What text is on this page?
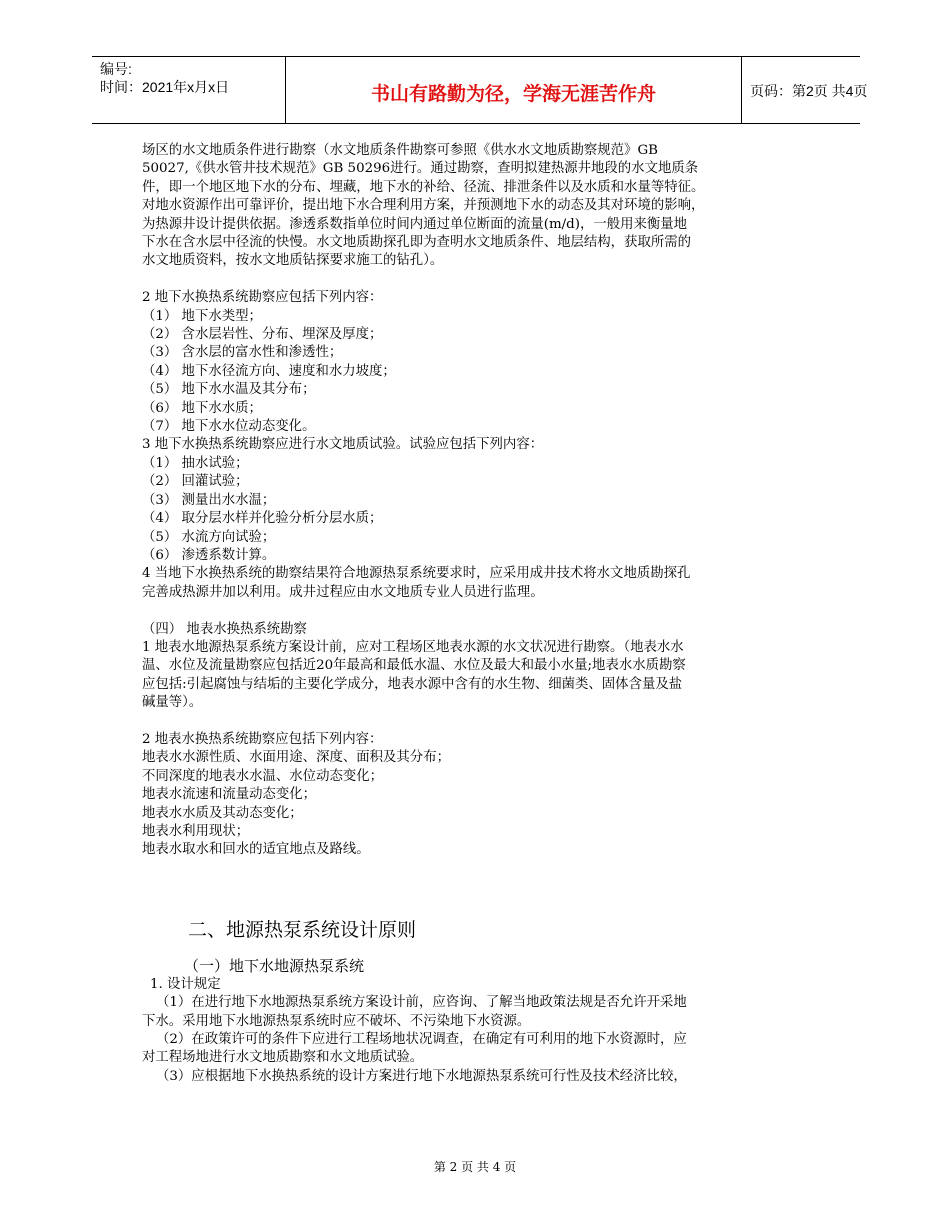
编号:
时间：2021年x月x日	书山有路勤为径，学海无涯苦作舟	页码：第2页 共4页
场区的水文地质条件进行勘察（水文地质条件勘察可参照《供水水文地质勘察规范》GB
50027,《供水管井技术规范》GB 50296进行。通过勘察，查明拟建热源井地段的水文地质条
件，即一个地区地下水的分布、埋藏，地下水的补给、径流、排泄条件以及水质和水量等特征。
对地水资源作出可靠评价，提出地下水合理利用方案，并预测地下水的动态及其对环境的影响，
为热源井设计提供依据。渗透系数指单位时间内通过单位断面的流量(m/d)，一般用来衡量地
下水在含水层中径流的快慢。水文地质勘探孔即为查明水文地质条件、地层结构，获取所需的
水文地质资料，按水文地质钻探要求施工的钻孔）。
2 地下水换热系统勘察应包括下列内容：
（1） 地下水类型；
（2） 含水层岩性、分布、埋深及厚度；
（3） 含水层的富水性和渗透性；
（4） 地下水径流方向、速度和水力坡度；
（5） 地下水水温及其分布；
（6） 地下水水质；
（7） 地下水水位动态变化。
3 地下水换热系统勘察应进行水文地质试验。试验应包括下列内容：
（1） 抽水试验；
（2） 回灌试验；
（3） 测量出水水温；
（4） 取分层水样并化验分析分层水质；
（5） 水流方向试验；
（6） 渗透系数计算。
4 当地下水换热系统的勘察结果符合地源热泵系统要求时，应采用成井技术将水文地质勘探孔
完善成热源井加以利用。成井过程应由水文地质专业人员进行监理。
（四） 地表水换热系统勘察
1 地表水地源热泵系统方案设计前，应对工程场区地表水源的水文状况进行勘察。（地表水水
温、水位及流量勘察应包括近20年最高和最低水温、水位及最大和最小水量;地表水水质勘察
应包括:引起腐蚀与结垢的主要化学成分，地表水源中含有的水生物、细菌类、固体含量及盐
碱量等）。
2 地表水换热系统勘察应包括下列内容：
地表水水源性质、水面用途、深度、面积及其分布；
不同深度的地表水水温、水位动态变化；
地表水流速和流量动态变化；
地表水水质及其动态变化；
地表水利用现状；
地表水取水和回水的适宜地点及路线。
二、地源热泵系统设计原则
（一）地下水地源热泵系统
1. 设计规定
（1）在进行地下水地源热泵系统方案设计前，应咨询、了解当地政策法规是否允许开采地
下水。采用地下水地源热泵系统时应不破坏、不污染地下水资源。
（2）在政策许可的条件下应进行工程场地状况调查，在确定有可利用的地下水资源时，应
对工程场地进行水文地质勘察和水文地质试验。
（3）应根据地下水换热系统的设计方案进行地下水地源热泵系统可行性及技术经济比较，
第 2 页 共 4 页
